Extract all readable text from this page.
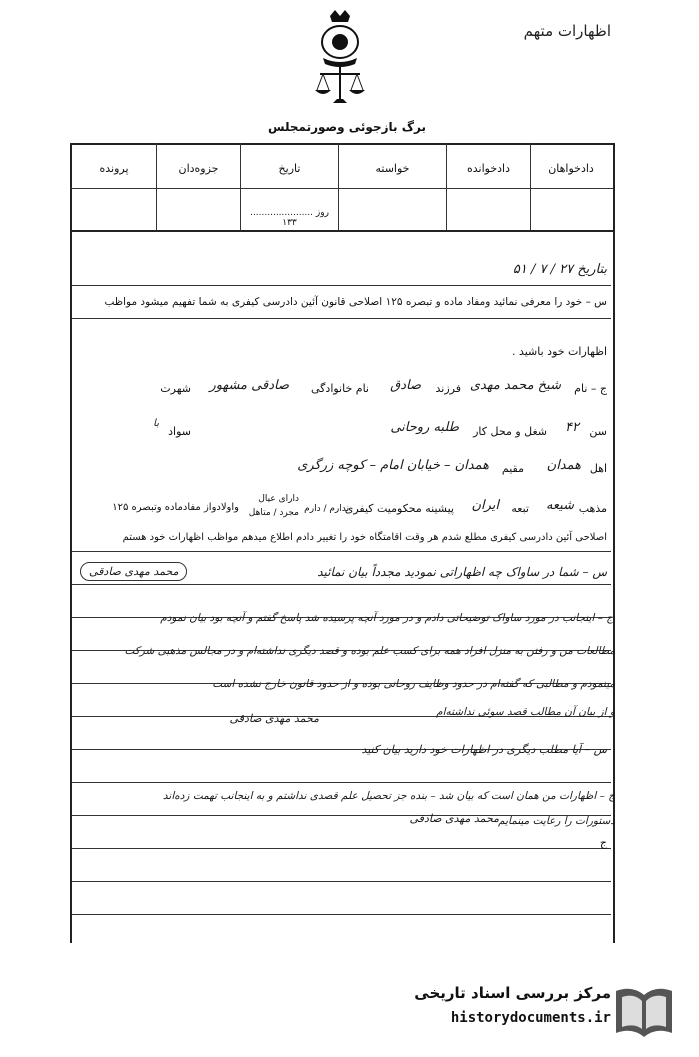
اظهارات متهم
برگ بازجوئی وصورتمجلس
دادخواهان
دادخوانده
خواسته
تاریخ
جزوه‌دان
پرونده
روز ...................... ۱۳۳
بتاریخ ۲۷ / ۷ / ۵۱
س – خود را معرفی نمائید ومفاد ماده و تبصره ۱۲۵ اصلاحی قانون آئین دادرسی کیفری به شما تفهیم میشود مواظب
اظهارات خود باشید .
ج – نام
شیخ محمد مهدی
فرزند
صادق
نام خانوادگی
صادقی مشهور
شهرت
سن
۴۲
شغل و محل کار
طلبه روحانی
سواد
با
اهل
همدان
مقیم
همدان – خیابان امام – کوچه زرگری
مذهب
شیعه
تبعه
ایران
پیشینه محکومیت کیفری
ندارم / دارم
دارای عیال
مجرد / متاهل
واولادواز مفادماده وتبصره ۱۲۵
اصلاحی آئین دادرسی کیفری مطلع شدم هر وقت اقامتگاه خود را تغییر دادم اطلاع میدهم مواظب اظهارات خود هستم
محمد مهدی صادقی	س – شما در ساواک چه اظهاراتی نمودید مجدداً بیان نمائید
ج – اینجانب در مورد ساواک توضیحاتی دادم و در مورد آنچه پرسیده شد پاسخ گفتم و آنچه بود بیان نمودم
مطالعات من و رفتن به منزل افراد همه برای کسب علم بوده و قصد دیگری نداشته‌ام و در مجالس مذهبی شرکت
مینمودم و مطالبی که گفته‌ام در حدود وظایف روحانی بوده و از حدود قانون خارج نشده است
و از بیان آن مطالب قصد سوئی نداشته‌ام
محمد مهدی صادقی
س – آیا مطلب دیگری در اظهارات خود دارید بیان کنید
ج – اظهارات من همان است که بیان شد – بنده جز تحصیل علم قصدی نداشتم و به اینجانب تهمت زده‌اند
دستورات را رعایت مینمایم
محمد مهدی صادقی
ج
مرکز بررسی اسناد تاریخی
historydocuments.ir
